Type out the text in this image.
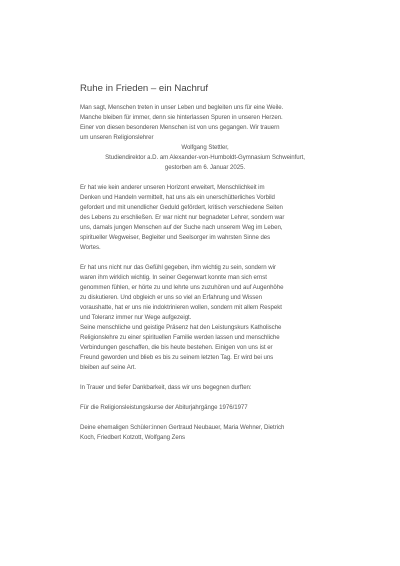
Ruhe in Frieden – ein Nachruf
Man sagt, Menschen treten in unser Leben und begleiten uns für eine Weile.
Manche bleiben für immer, denn sie hinterlassen Spuren in unseren Herzen.
Einer von diesen besonderen Menschen ist von uns gegangen. Wir trauern
um unseren Religionslehrer
Wolfgang Stettler,
Studiendirektor a.D. am Alexander-von-Humboldt-Gymnasium Schweinfurt,
gestorben am 6. Januar 2025.
Er hat wie kein anderer unseren Horizont erweitert, Menschlichkeit im
Denken und Handeln vermittelt, hat uns als ein unerschütterliches Vorbild
gefordert und mit unendlicher Geduld gefördert, kritisch verschiedene Seiten
des Lebens zu erschließen. Er war nicht nur begnadeter Lehrer, sondern war
uns, damals jungen Menschen auf der Suche nach unserem Weg im Leben,
spiritueller Wegweiser, Begleiter und Seelsorger im wahrsten Sinne des
Wortes.
Er hat uns nicht nur das Gefühl gegeben, ihm wichtig zu sein, sondern wir
waren ihm wirklich wichtig. In seiner Gegenwart konnte man sich ernst
genommen fühlen, er hörte zu und lehrte uns zuzuhören und auf Augenhöhe
zu diskutieren. Und obgleich er uns so viel an Erfahrung und Wissen
voraushatte, hat er uns nie indoktrinieren wollen, sondern mit allem Respekt
und Toleranz immer nur Wege aufgezeigt.
Seine menschliche und geistige Präsenz hat den Leistungskurs Katholische
Religionslehre zu einer spirituellen Familie werden lassen und menschliche
Verbindungen geschaffen, die bis heute bestehen. Einigen von uns ist er
Freund geworden und blieb es bis zu seinem letzten Tag. Er wird bei uns
bleiben auf seine Art.
In Trauer und tiefer Dankbarkeit, dass wir uns begegnen durften:
Für die Religionsleistungskurse der Abiturjahrgänge 1976/1977
Deine ehemaligen Schüler:innen Gertraud Neubauer, Maria Wehner, Dietrich
Koch, Friedbert Kotzott, Wolfgang Zens
